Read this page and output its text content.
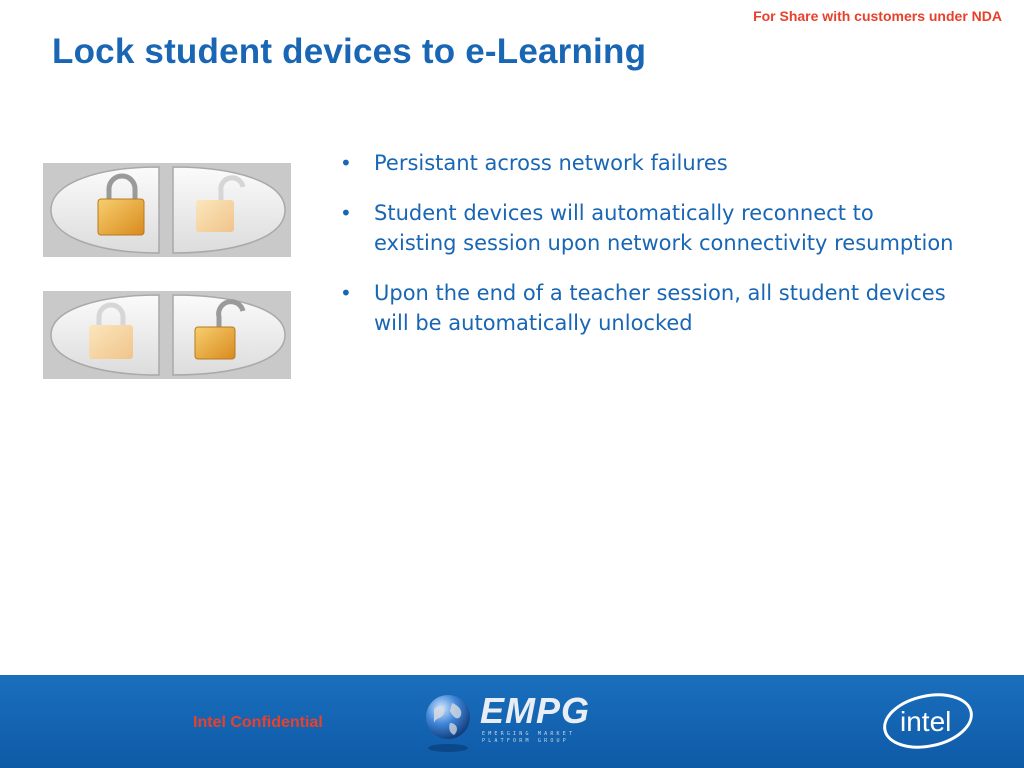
For Share with customers under NDA
Lock student devices to e-Learning
• Persistant across network failures
• Student devices will automatically reconnect to existing session upon network connectivity resumption
• Upon the end of a teacher session, all student devices will be automatically unlocked
Intel Confidential	EMPG
EMERGING MARKET PLATFORM GROUP
intel
